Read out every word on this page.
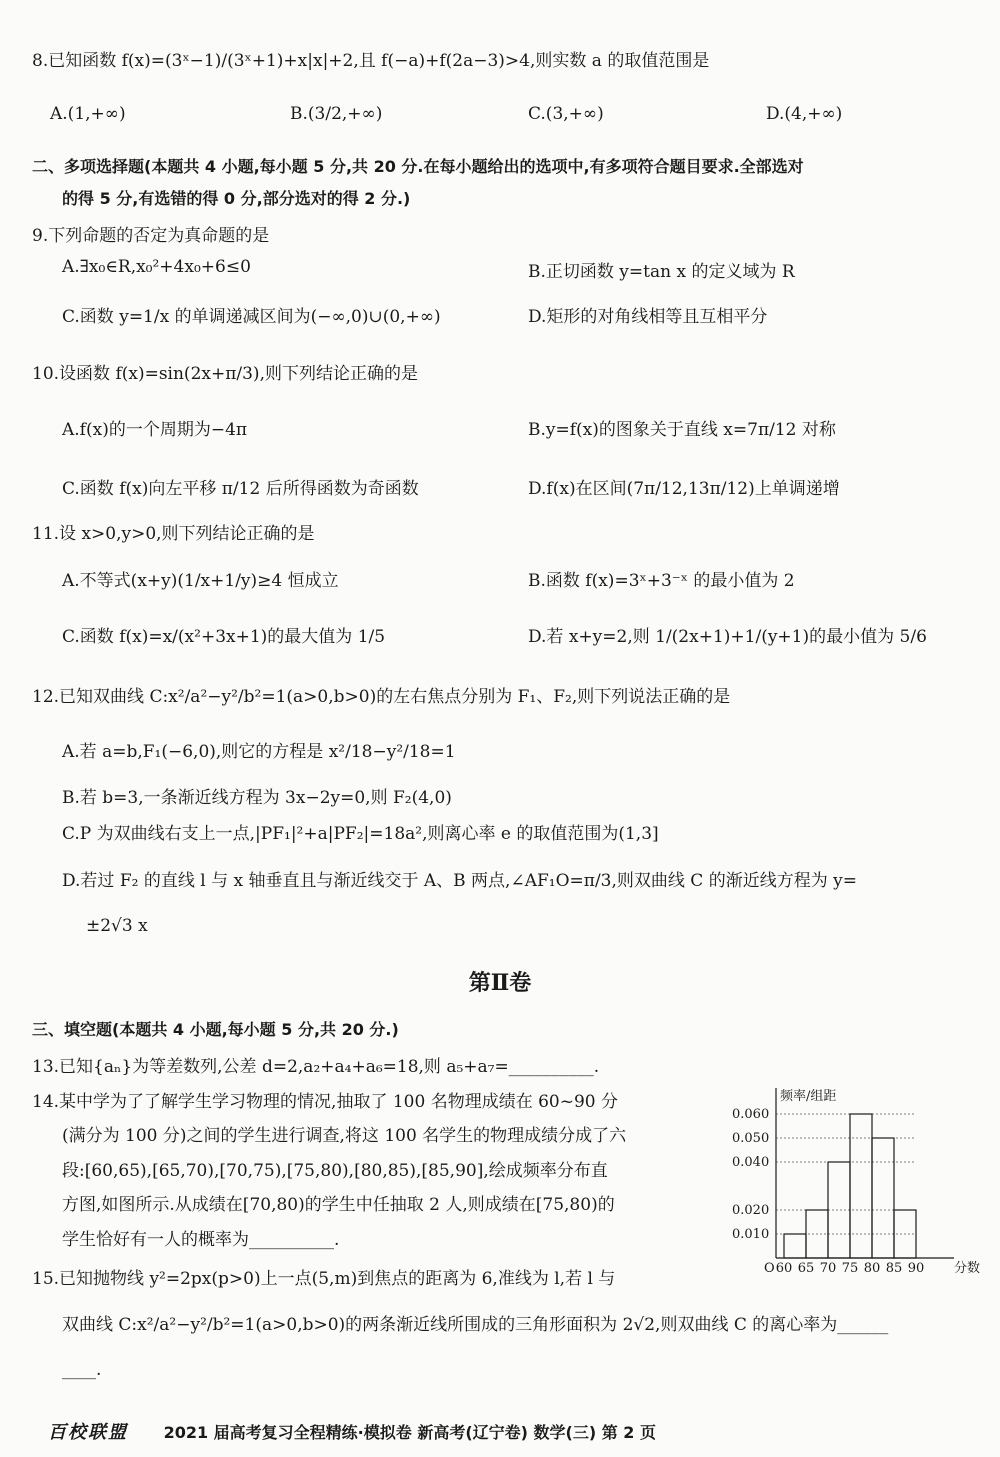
8.已知函数 f(x)=(3ˣ−1)/(3ˣ+1)+x|x|+2,且 f(−a)+f(2a−3)>4,则实数 a 的取值范围是
A.(1,+∞)	B.(3/2,+∞)	C.(3,+∞)	D.(4,+∞)
二、多项选择题(本题共 4 小题,每小题 5 分,共 20 分.在每小题给出的选项中,有多项符合题目要求.全部选对
的得 5 分,有选错的得 0 分,部分选对的得 2 分.)
9.下列命题的否定为真命题的是
A.∃x₀∈R,x₀²+4x₀+6≤0	B.正切函数 y=tan x 的定义域为 R
C.函数 y=1/x 的单调递减区间为(−∞,0)∪(0,+∞)	D.矩形的对角线相等且互相平分
10.设函数 f(x)=sin(2x+π/3),则下列结论正确的是
A.f(x)的一个周期为−4π	B.y=f(x)的图象关于直线 x=7π/12 对称
C.函数 f(x)向左平移 π/12 后所得函数为奇函数	D.f(x)在区间(7π/12,13π/12)上单调递增
11.设 x>0,y>0,则下列结论正确的是
A.不等式(x+y)(1/x+1/y)≥4 恒成立	B.函数 f(x)=3ˣ+3⁻ˣ 的最小值为 2
C.函数 f(x)=x/(x²+3x+1)的最大值为 1/5	D.若 x+y=2,则 1/(2x+1)+1/(y+1)的最小值为 5/6
12.已知双曲线 C:x²/a²−y²/b²=1(a>0,b>0)的左右焦点分别为 F₁、F₂,则下列说法正确的是
A.若 a=b,F₁(−6,0),则它的方程是 x²/18−y²/18=1
B.若 b=3,一条渐近线方程为 3x−2y=0,则 F₂(4,0)
C.P 为双曲线右支上一点,|PF₁|²+a|PF₂|=18a²,则离心率 e 的取值范围为(1,3]
D.若过 F₂ 的直线 l 与 x 轴垂直且与渐近线交于 A、B 两点,∠AF₁O=π/3,则双曲线 C 的渐近线方程为 y=
±2√3 x
第Ⅱ卷
三、填空题(本题共 4 小题,每小题 5 分,共 20 分.)
13.已知{aₙ}为等差数列,公差 d=2,a₂+a₄+a₆=18,则 a₅+a₇=__________.
14.某中学为了了解学生学习物理的情况,抽取了 100 名物理成绩在 60~90 分
(满分为 100 分)之间的学生进行调查,将这 100 名学生的物理成绩分成了六
段:[60,65),[65,70),[70,75),[75,80),[80,85),[85,90],绘成频率分布直
方图,如图所示.从成绩在[70,80)的学生中任抽取 2 人,则成绩在[75,80)的
学生恰好有一人的概率为__________.
频率/组距
O	分数
0.060
0.050
0.040
0.020
0.010
60 65 70 75 80 85 90
15.已知抛物线 y²=2px(p>0)上一点(5,m)到焦点的距离为 6,准线为 l,若 l 与
双曲线 C:x²/a²−y²/b²=1(a>0,b>0)的两条渐近线所围成的三角形面积为 2√2,则双曲线 C 的离心率为______
____.
百校联盟 2021 届高考复习全程精练·模拟卷 新高考(辽宁卷) 数学(三) 第 2 页
